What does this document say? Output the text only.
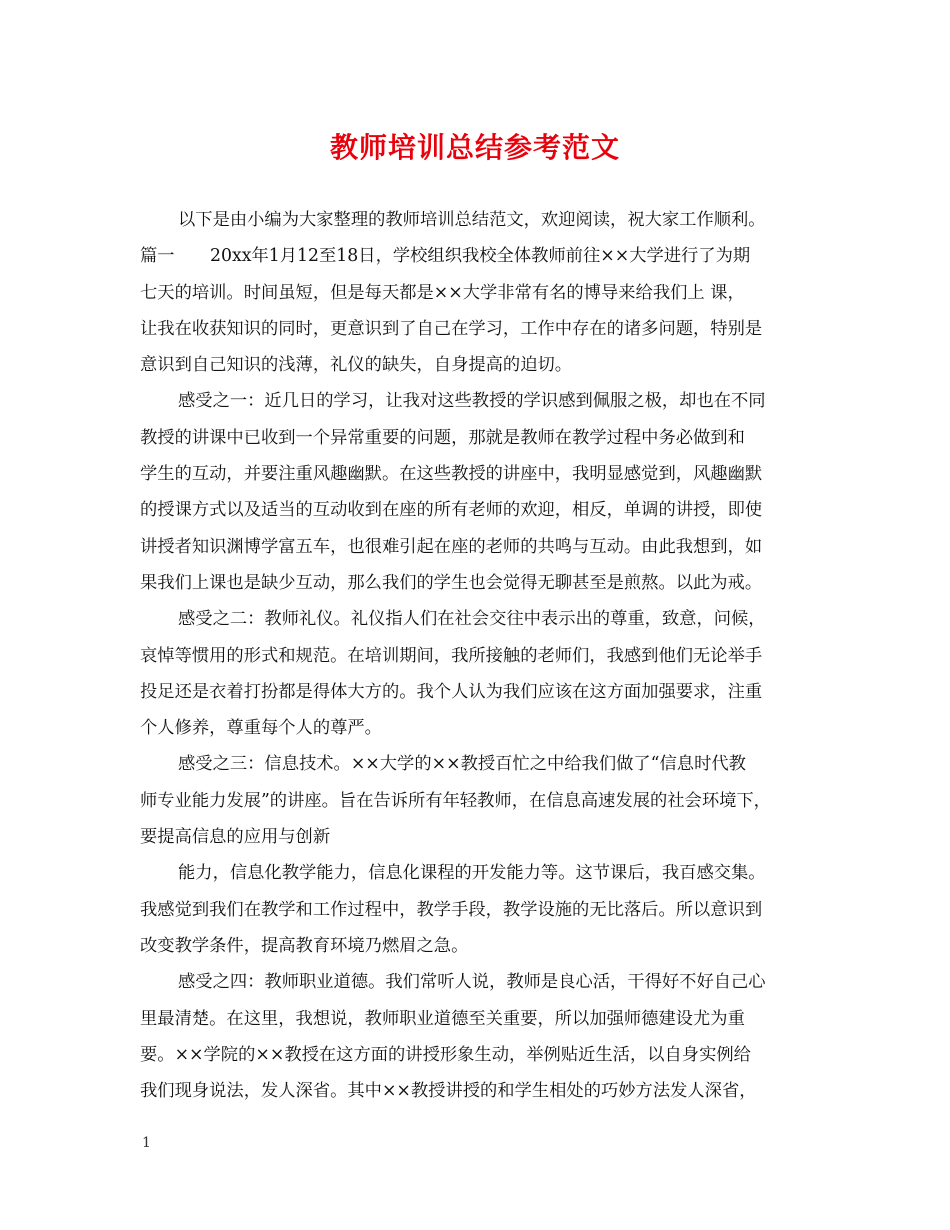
教师培训总结参考范文
以下是由小编为大家整理的教师培训总结范文，欢迎阅读，祝大家工作顺利。
篇一 20xx年1月12至18日，学校组织我校全体教师前往××大学进行了为期
七天的培训。时间虽短，但是每天都是××大学非常有名的博导来给我们上 课，
让我在收获知识的同时，更意识到了自己在学习，工作中存在的诸多问题，特别是
意识到自己知识的浅薄，礼仪的缺失，自身提高的迫切。
感受之一：近几日的学习，让我对这些教授的学识感到佩服之极，却也在不同
教授的讲课中已收到一个异常重要的问题，那就是教师在教学过程中务必做到和
学生的互动，并要注重风趣幽默。在这些教授的讲座中，我明显感觉到，风趣幽默
的授课方式以及适当的互动收到在座的所有老师的欢迎，相反，单调的讲授，即使
讲授者知识渊博学富五车，也很难引起在座的老师的共鸣与互动。由此我想到，如
果我们上课也是缺少互动，那么我们的学生也会觉得无聊甚至是煎熬。以此为戒。
感受之二：教师礼仪。礼仪指人们在社会交往中表示出的尊重，致意，问候，
哀悼等惯用的形式和规范。在培训期间，我所接触的老师们，我感到他们无论举手
投足还是衣着打扮都是得体大方的。我个人认为我们应该在这方面加强要求，注重
个人修养，尊重每个人的尊严。
感受之三：信息技术。××大学的××教授百忙之中给我们做了“信息时代教
师专业能力发展”的讲座。旨在告诉所有年轻教师，在信息高速发展的社会环境下，
要提高信息的应用与创新
能力，信息化教学能力，信息化课程的开发能力等。这节课后，我百感交集。
我感觉到我们在教学和工作过程中，教学手段，教学设施的无比落后。所以意识到
改变教学条件，提高教育环境乃燃眉之急。
感受之四：教师职业道德。我们常听人说，教师是良心活，干得好不好自己心
里最清楚。在这里，我想说，教师职业道德至关重要，所以加强师德建设尤为重
要。××学院的××教授在这方面的讲授形象生动，举例贴近生活，以自身实例给
我们现身说法，发人深省。其中××教授讲授的和学生相处的巧妙方法发人深省，
1
